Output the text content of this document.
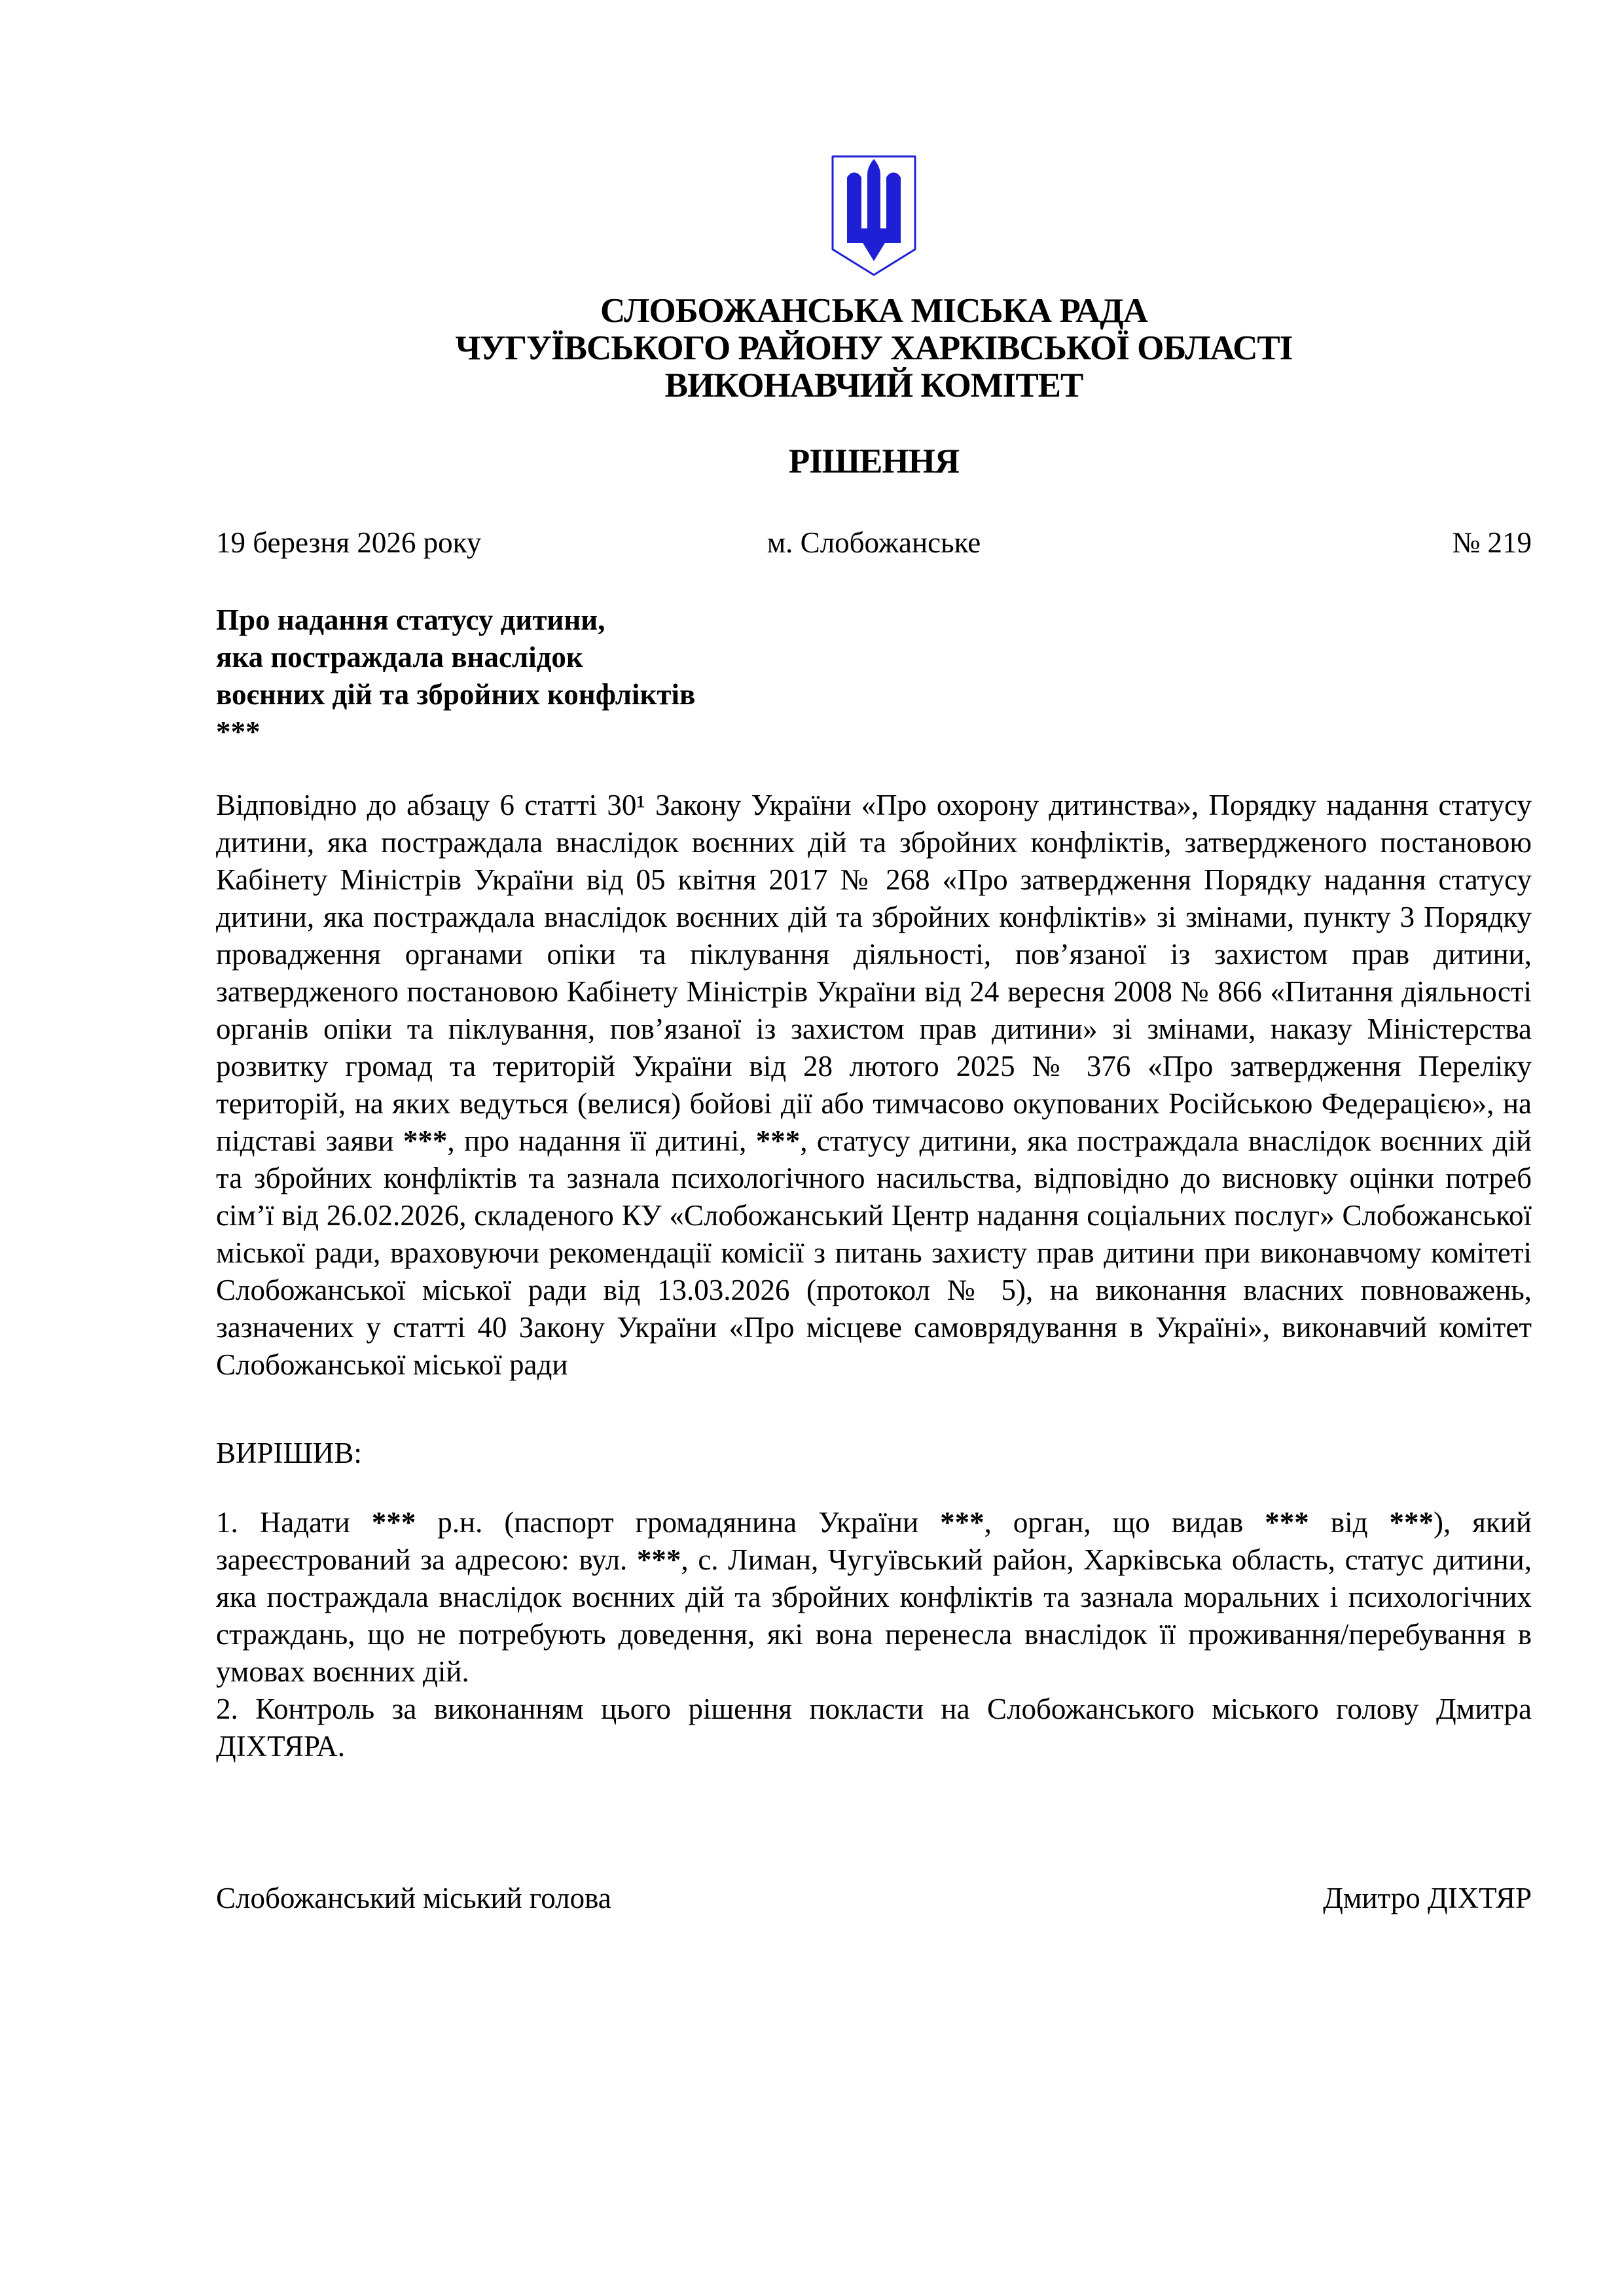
СЛОБОЖАНСЬКА МІСЬКА РАДА
ЧУГУЇВСЬКОГО РАЙОНУ ХАРКІВСЬКОЇ ОБЛАСТІ
ВИКОНАВЧИЙ КОМІТЕТ
РІШЕННЯ
19 березня 2026 року	м. Слобожанське	№ 219
Про надання статусу дитини,
яка постраждала внаслідок
воєнних дій та збройних конфліктів
***

Відповідно до абзацу 6 статті 30¹ Закону України «Про охорону дитинства», Порядку надання статусу дитини, яка постраждала внаслідок воєнних дій та збройних конфліктів, затвердженого постановою Кабінету Міністрів України від 05 квітня 2017 № 268 «Про затвердження Порядку надання статусу дитини, яка постраждала внаслідок воєнних дій та збройних конфліктів» зі змінами, пункту 3 Порядку провадження органами опіки та піклування діяльності, пов’язаної із захистом прав дитини, затвердженого постановою Кабінету Міністрів України від 24 вересня 2008 № 866 «Питання діяльності органів опіки та піклування, пов’язаної із захистом прав дитини» зі змінами, наказу Міністерства розвитку громад та територій України від 28 лютого 2025 № 376 «Про затвердження Переліку територій, на яких ведуться (велися) бойові дії або тимчасово окупованих Російською Федерацією», на підставі заяви ***, про надання її дитині, ***, статусу дитини, яка постраждала внаслідок воєнних дій та збройних конфліктів та зазнала психологічного насильства, відповідно до висновку оцінки потреб сім’ї від 26.02.2026, складеного КУ «Слобожанський Центр надання соціальних послуг» Слобожанської міської ради, враховуючи рекомендації комісії з питань захисту прав дитини при виконавчому комітеті Слобожанської міської ради від 13.03.2026 (протокол № 5), на виконання власних повноважень, зазначених у статті 40 Закону України «Про місцеве самоврядування в Україні», виконавчий комітет Слобожанської міської ради

ВИРІШИВ:

1. Надати *** р.н. (паспорт громадянина України ***, орган, що видав *** від ***), який зареєстрований за адресою: вул. ***, с. Лиман, Чугуївський район, Харківська область, статус дитини, яка постраждала внаслідок воєнних дій та збройних конфліктів та зазнала моральних і психологічних страждань, що не потребують доведення, які вона перенесла внаслідок її проживання/перебування в умовах воєнних дій.

2. Контроль за виконанням цього рішення покласти на Слобожанського міського голову Дмитра ДІХТЯРА.

Слобожанський міський голова	Дмитро ДІХТЯР
